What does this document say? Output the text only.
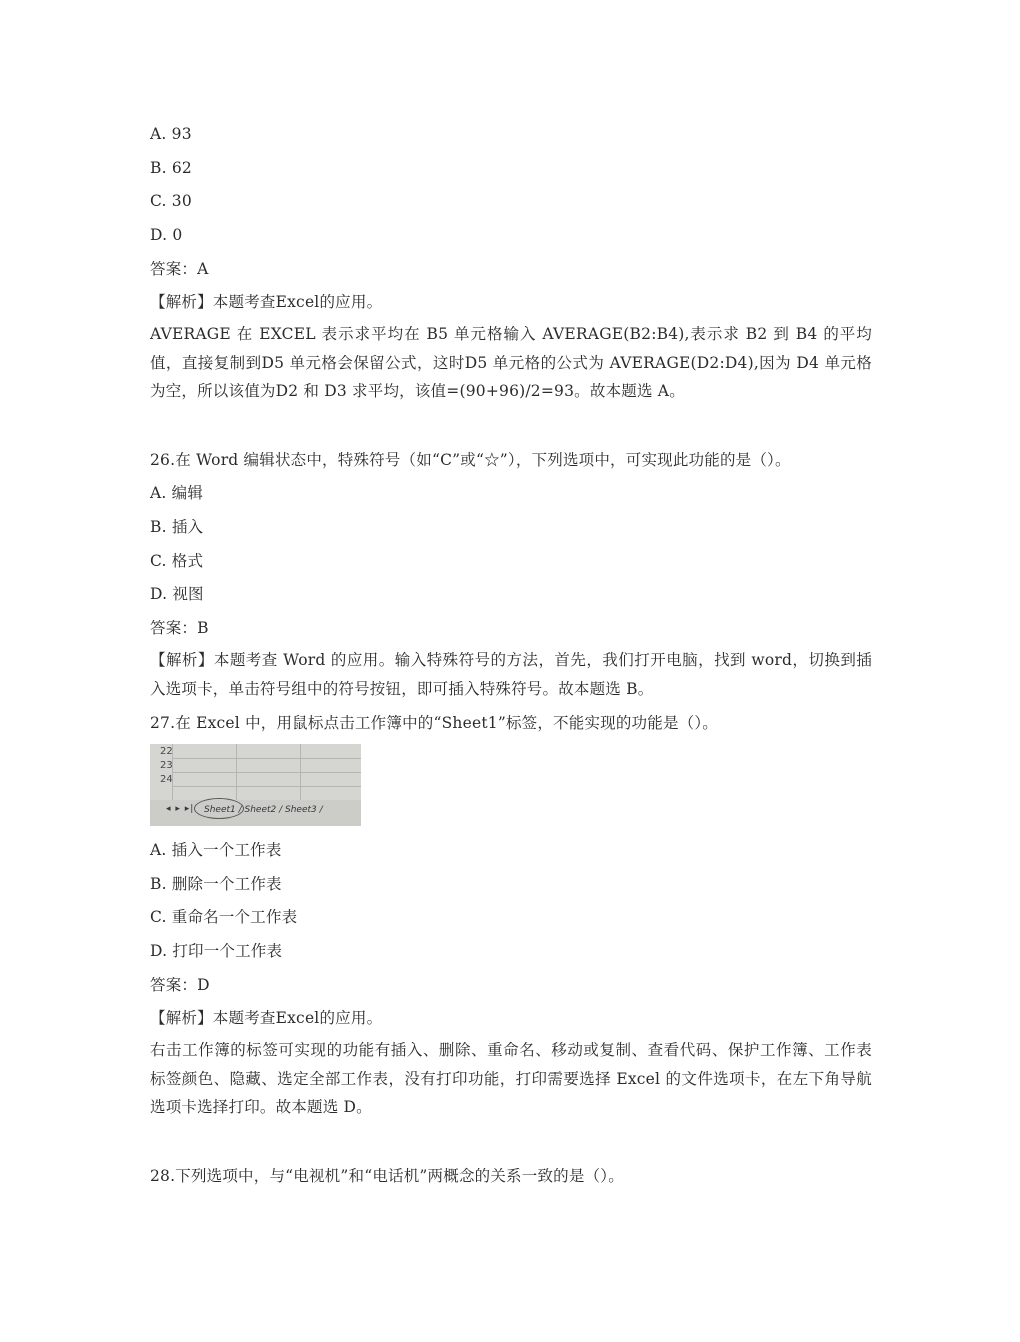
A. 93
B. 62
C. 30
D. 0
答案：A
【解析】本题考查Excel的应用。
AVERAGE 在 EXCEL 表示求平均在 B5 单元格输入 AVERAGE(B2:B4),表示求 B2 到 B4 的平均值，直接复制到D5 单元格会保留公式，这时D5 单元格的公式为 AVERAGE(D2:D4),因为 D4 单元格为空，所以该值为D2 和 D3 求平均，该值=(90+96)/2=93。故本题选 A。
26.在 Word 编辑状态中，特殊符号（如“C”或“☆”），下列选项中，可实现此功能的是（）。
A. 编辑
B. 插入
C. 格式
D. 视图
答案：B
【解析】本题考查 Word 的应用。输入特殊符号的方法，首先，我们打开电脑，找到 word，切换到插入选项卡，单击符号组中的符号按钮，即可插入特殊符号。故本题选 B。
27.在 Excel 中，用鼠标点击工作簿中的“Sheet1”标签，不能实现的功能是（）。
22
23
24
◂ ▸ ▸| Sheet1 / Sheet2 / Sheet3 /
A. 插入一个工作表
B. 删除一个工作表
C. 重命名一个工作表
D. 打印一个工作表
答案：D
【解析】本题考查Excel的应用。
右击工作簿的标签可实现的功能有插入、删除、重命名、移动或复制、查看代码、保护工作簿、工作表标签颜色、隐藏、选定全部工作表，没有打印功能，打印需要选择 Excel 的文件选项卡，在左下角导航选项卡选择打印。故本题选 D。
28.下列选项中，与“电视机”和“电话机”两概念的关系一致的是（）。
